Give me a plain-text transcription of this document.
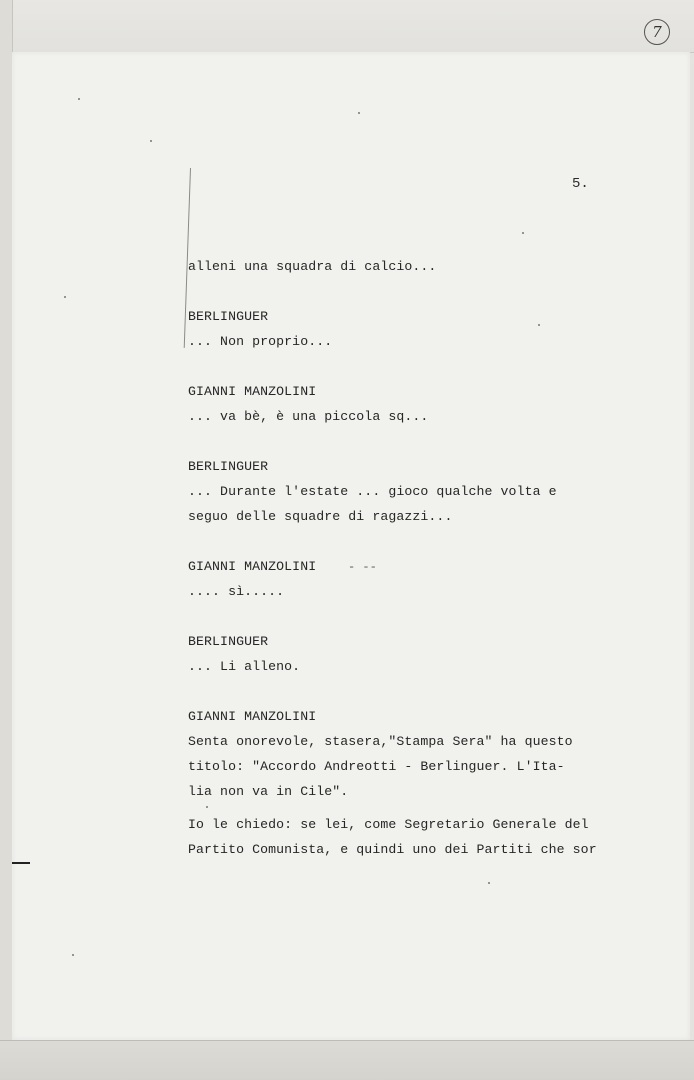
7
5.
- --
alleni una squadra di calcio...
BERLINGUER
... Non proprio...
GIANNI MANZOLINI
... va bè, è una piccola sq...
BERLINGUER
... Durante l'estate ... gioco qualche volta e
seguo delle squadre di ragazzi...
GIANNI MANZOLINI
.... sì.....
BERLINGUER
... Li alleno.
GIANNI MANZOLINI
Senta onorevole, stasera,"Stampa Sera" ha questo
titolo: "Accordo Andreotti - Berlinguer. L'Ita-
lia non va in Cile".
Io le chiedo: se lei, come Segretario Generale del
Partito Comunista, e quindi uno dei Partiti che sor
